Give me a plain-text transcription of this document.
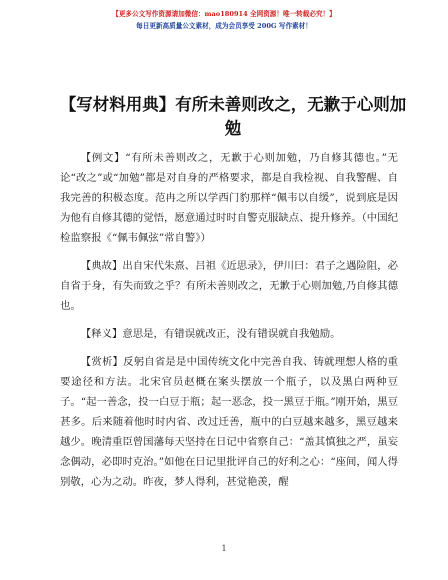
【更多公文写作资源请加微信：mao180914 全网资源！唯一转载必究！】
每日更新高质量公文素材，成为会员享受 200G 写作素材！
【写材料用典】有所未善则改之，无歉于心则加勉

【例文】“有所未善则改之，无歉于心则加勉，乃自修其德也。”无论“改之”或“加勉”都是对自身的严格要求，都是自我检视、自我警醒、自我完善的积极态度。范冉之所以学西门豹那样“佩韦以自缓”，说到底是因为他有自修其德的觉悟，愿意通过时时自警克服缺点、提升修养。（中国纪检监察报《“佩韦佩弦”常自警》）

【典故】出自宋代朱熹、吕祖《近思录》，伊川曰：君子之遇险阻，必自省于身，有失而致之乎？有所未善则改之，无歉于心则加勉,乃自修其德也。

【释义】意思是，有错误就改正，没有错误就自我勉励。

【赏析】反躬自省是是中国传统文化中完善自我、铸就理想人格的重要途径和方法。北宋官员赵概在案头摆放一个瓶子，以及黑白两种豆子。“起一善念，投一白豆于瓶；起一恶念，投一黑豆于瓶。”刚开始，黑豆甚多。后来随着他时时内省、改过迁善，瓶中的白豆越来越多，黑豆越来越少。晚清重臣曾国藩每天坚持在日记中省察自己：“盖其慎独之严，虽妄念偶动，必即时克治。”如他在日记里批评自己的好利之心：“座间，闻人得别敬，心为之动。昨夜，梦人得利，甚觉艳羡，醒

1
